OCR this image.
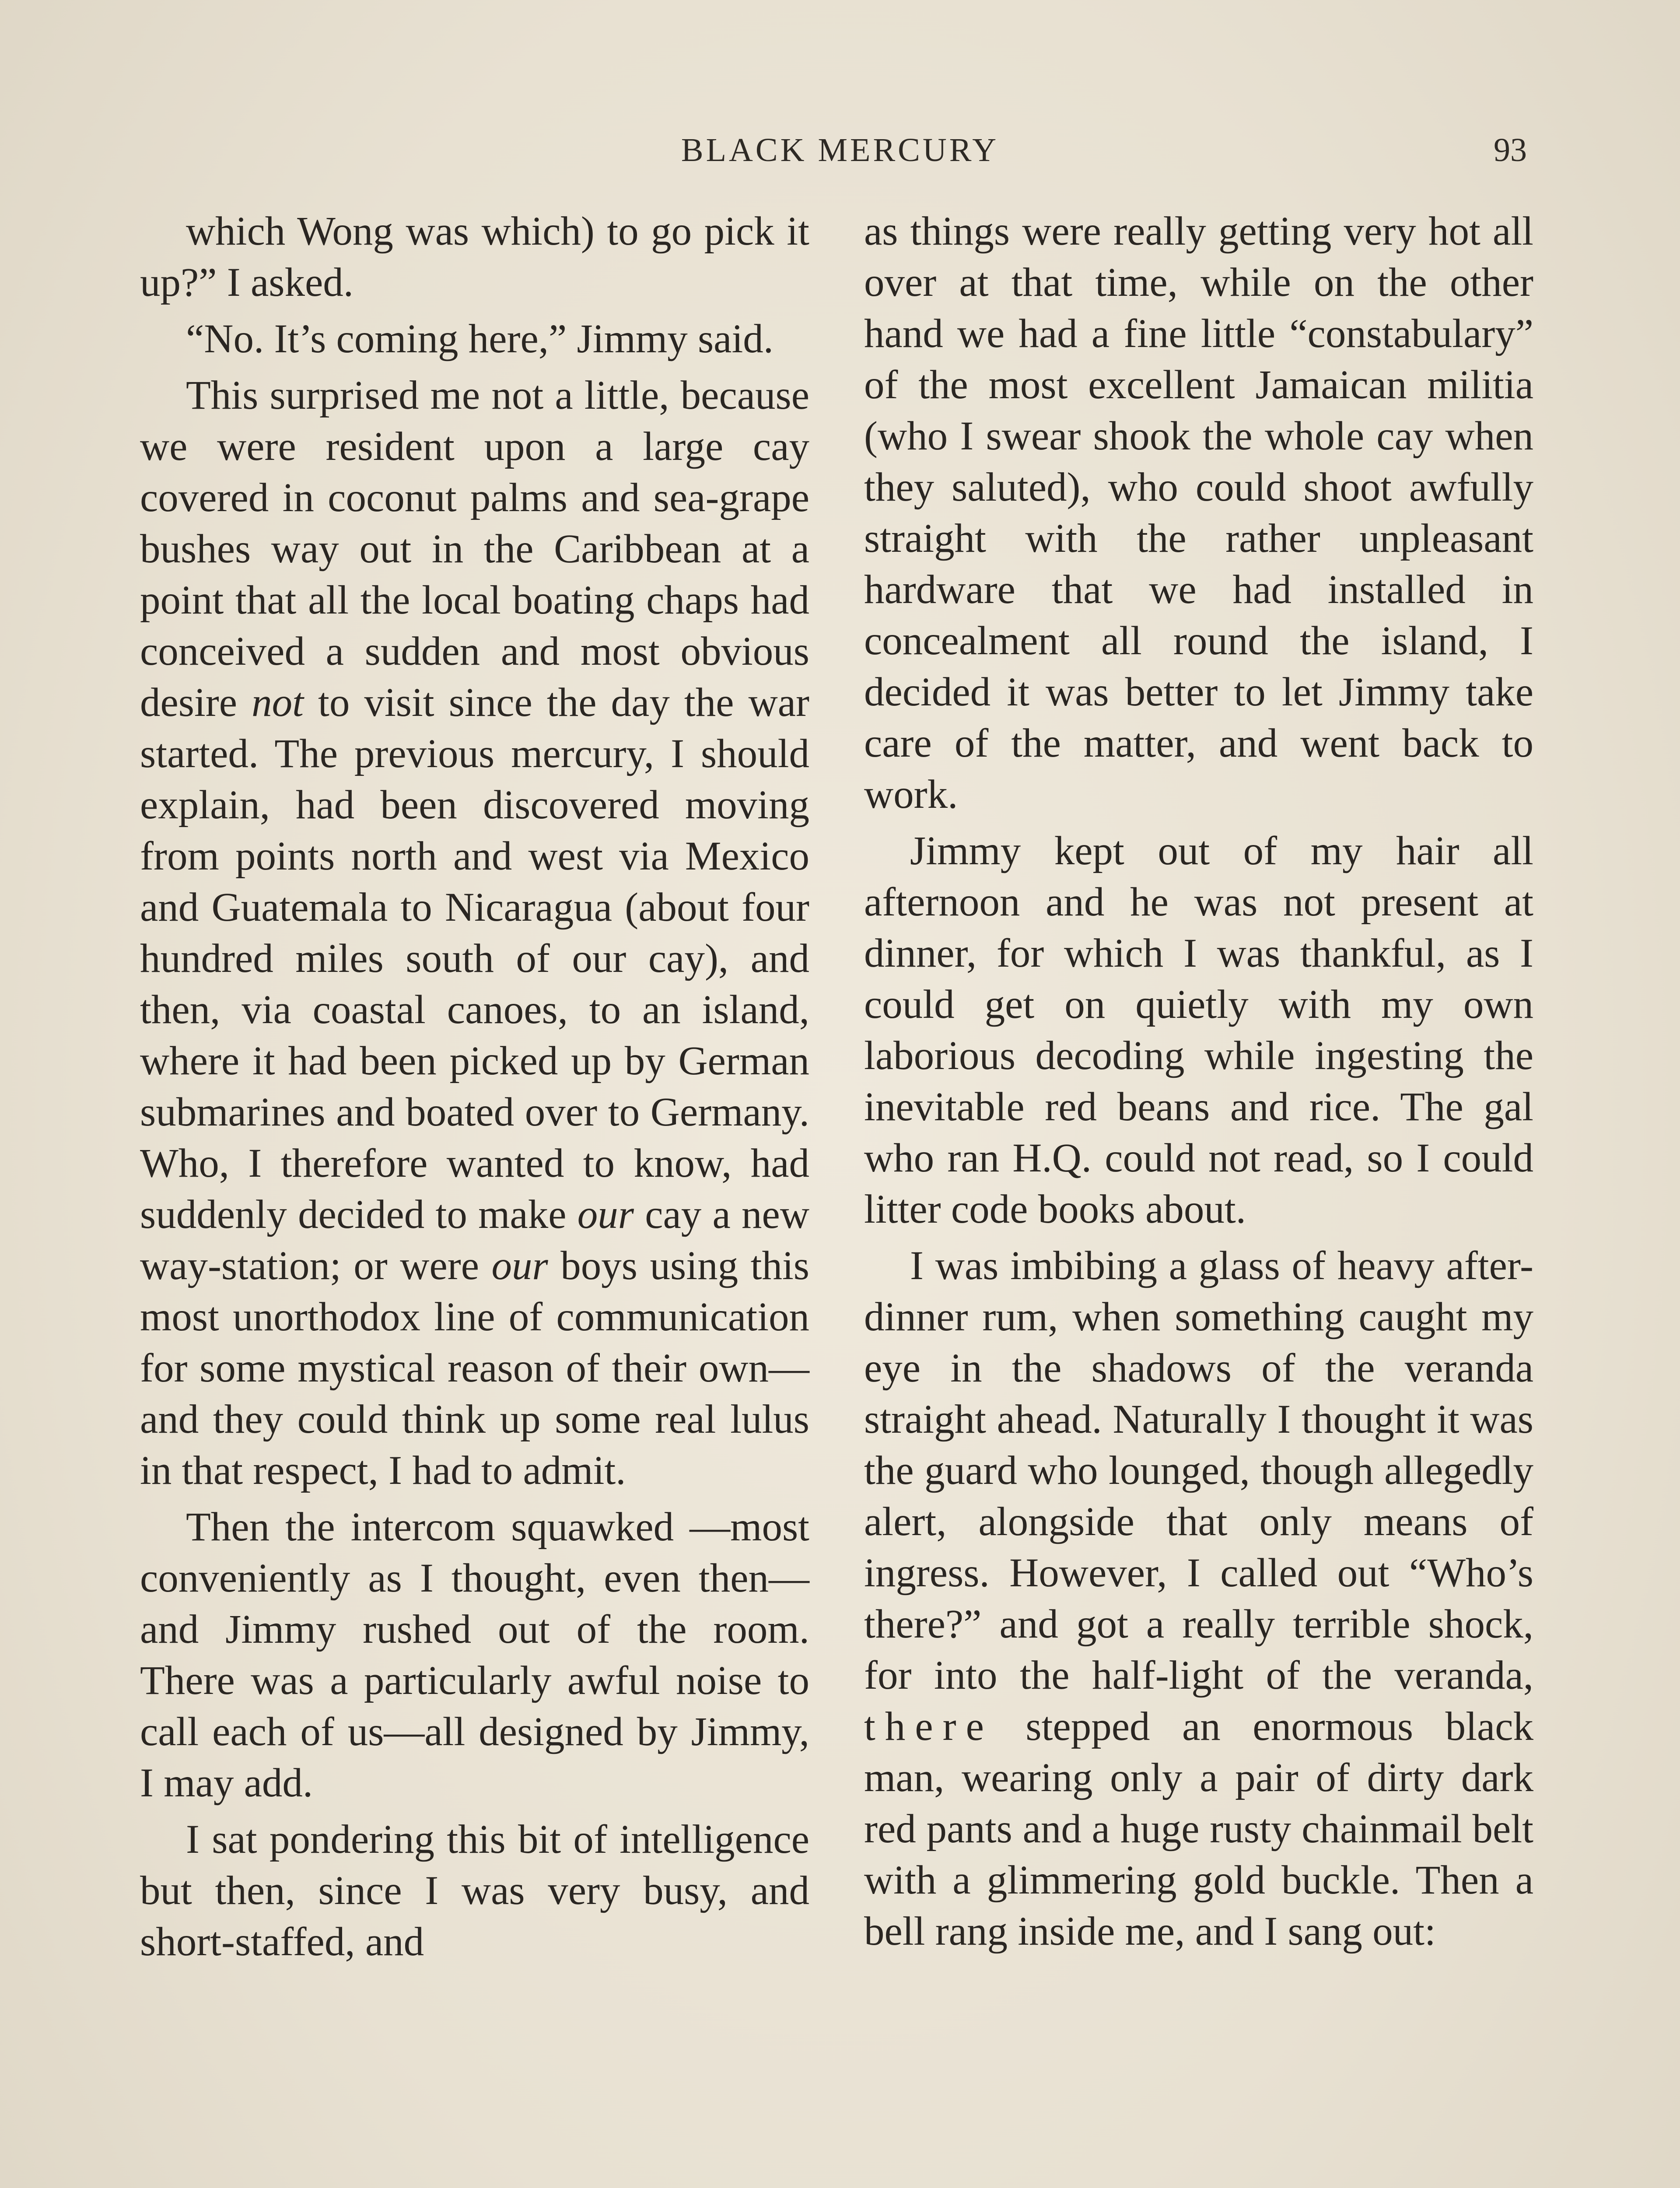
BLACK MERCURY	93

which Wong was which) to go pick it up?” I asked.

“No. It’s coming here,” Jimmy said.

This surprised me not a little, because we were resident upon a large cay covered in coconut palms and sea-grape bushes way out in the Caribbean at a point that all the local boating chaps had conceived a sudden and most obvious desire not to visit since the day the war started. The previous mercury, I should explain, had been discovered moving from points north and west via Mexico and Guatemala to Nicaragua (about four hundred miles south of our cay), and then, via coastal canoes, to an island, where it had been picked up by German submarines and boated over to Germany. Who, I therefore wanted to know, had suddenly decided to make our cay a new way-station; or were our boys using this most unorthodox line of communication for some mystical reason of their own—and they could think up some real lulus in that respect, I had to admit.

Then the intercom squawked —most conveniently as I thought, even then—and Jimmy rushed out of the room. There was a particularly awful noise to call each of us—all designed by Jimmy, I may add.

I sat pondering this bit of intelligence but then, since I was very busy, and short-staffed, and

as things were really getting very hot all over at that time, while on the other hand we had a fine little “constabulary” of the most excellent Jamaican militia (who I swear shook the whole cay when they saluted), who could shoot awfully straight with the rather unpleasant hardware that we had installed in concealment all round the island, I decided it was better to let Jimmy take care of the matter, and went back to work.

Jimmy kept out of my hair all afternoon and he was not present at dinner, for which I was thankful, as I could get on quietly with my own laborious decoding while ingesting the inevitable red beans and rice. The gal who ran H.Q. could not read, so I could litter code books about.

I was imbibing a glass of heavy after-dinner rum, when something caught my eye in the shadows of the veranda straight ahead. Naturally I thought it was the guard who lounged, though allegedly alert, alongside that only means of ingress. However, I called out “Who’s there?” and got a really terrible shock, for into the half-light of the veranda, there stepped an enormous black man, wearing only a pair of dirty dark red pants and a huge rusty chainmail belt with a glimmering gold buckle. Then a bell rang inside me, and I sang out:
